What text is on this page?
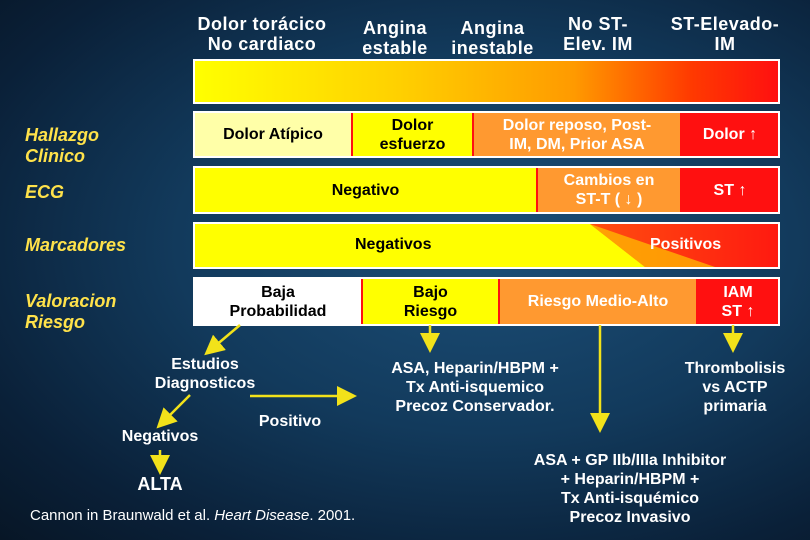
Dolor torácico
No cardiaco
Angina
estable
Angina
inestable
No ST-
Elev. IM
ST-Elevado-
IM
Hallazgo
Clinico
ECG
Marcadores
Valoracion
Riesgo
Dolor Atípico
Dolor
esfuerzo
Dolor reposo, Post-
IM, DM, Prior ASA
Dolor ↑
Negativo
Cambios en
ST-T ( ↓ )
ST ↑
Negativos	Positivos
Baja
Probabilidad
Bajo
Riesgo
Riesgo Medio-Alto
IAM
ST ↑
Estudios
Diagnosticos
Positivo
Negativos
ALTA
ASA, Heparin/HBPM +
Tx Anti-isquemico
Precoz Conservador.
Thrombolisis
vs ACTP
primaria
ASA + GP IIb/IIIa Inhibitor
+ Heparin/HBPM +
Tx Anti-isquémico
Precoz Invasivo
Cannon in Braunwald et al. Heart Disease. 2001.
